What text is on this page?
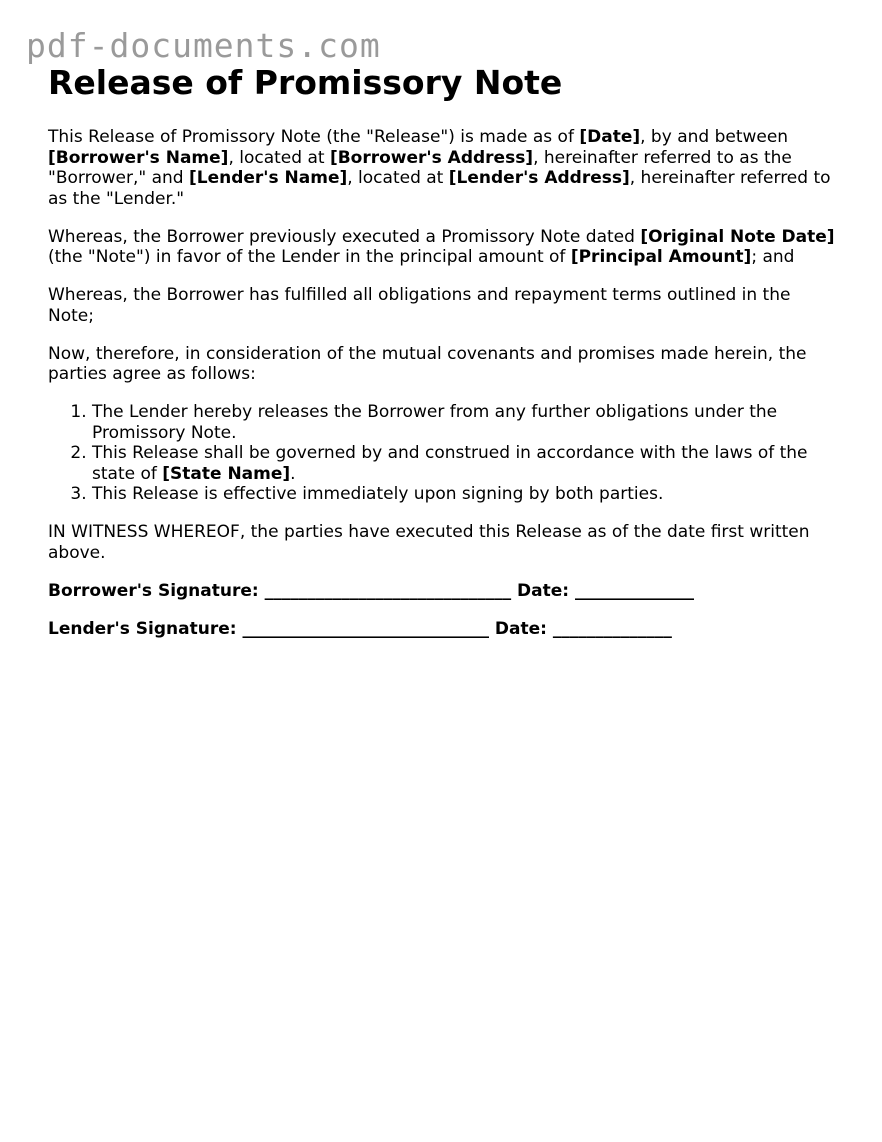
pdf-documents.com
Release of Promissory Note

This Release of Promissory Note (the "Release") is made as of [Date], by and between [Borrower's Name], located at [Borrower's Address], hereinafter referred to as the "Borrower," and [Lender's Name], located at [Lender's Address], hereinafter referred to as the "Lender."

Whereas, the Borrower previously executed a Promissory Note dated [Original Note Date] (the "Note") in favor of the Lender in the principal amount of [Principal Amount]; and

Whereas, the Borrower has fulfilled all obligations and repayment terms outlined in the Note;

Now, therefore, in consideration of the mutual covenants and promises made herein, the parties agree as follows:

1. The Lender hereby releases the Borrower from any further obligations under the Promissory Note.
2. This Release shall be governed by and construed in accordance with the laws of the state of [State Name].
3. This Release is effective immediately upon signing by both parties.

IN WITNESS WHEREOF, the parties have executed this Release as of the date first written above.

Borrower's Signature: _____________________________ Date: ______________

Lender's Signature: _____________________________ Date: ______________
